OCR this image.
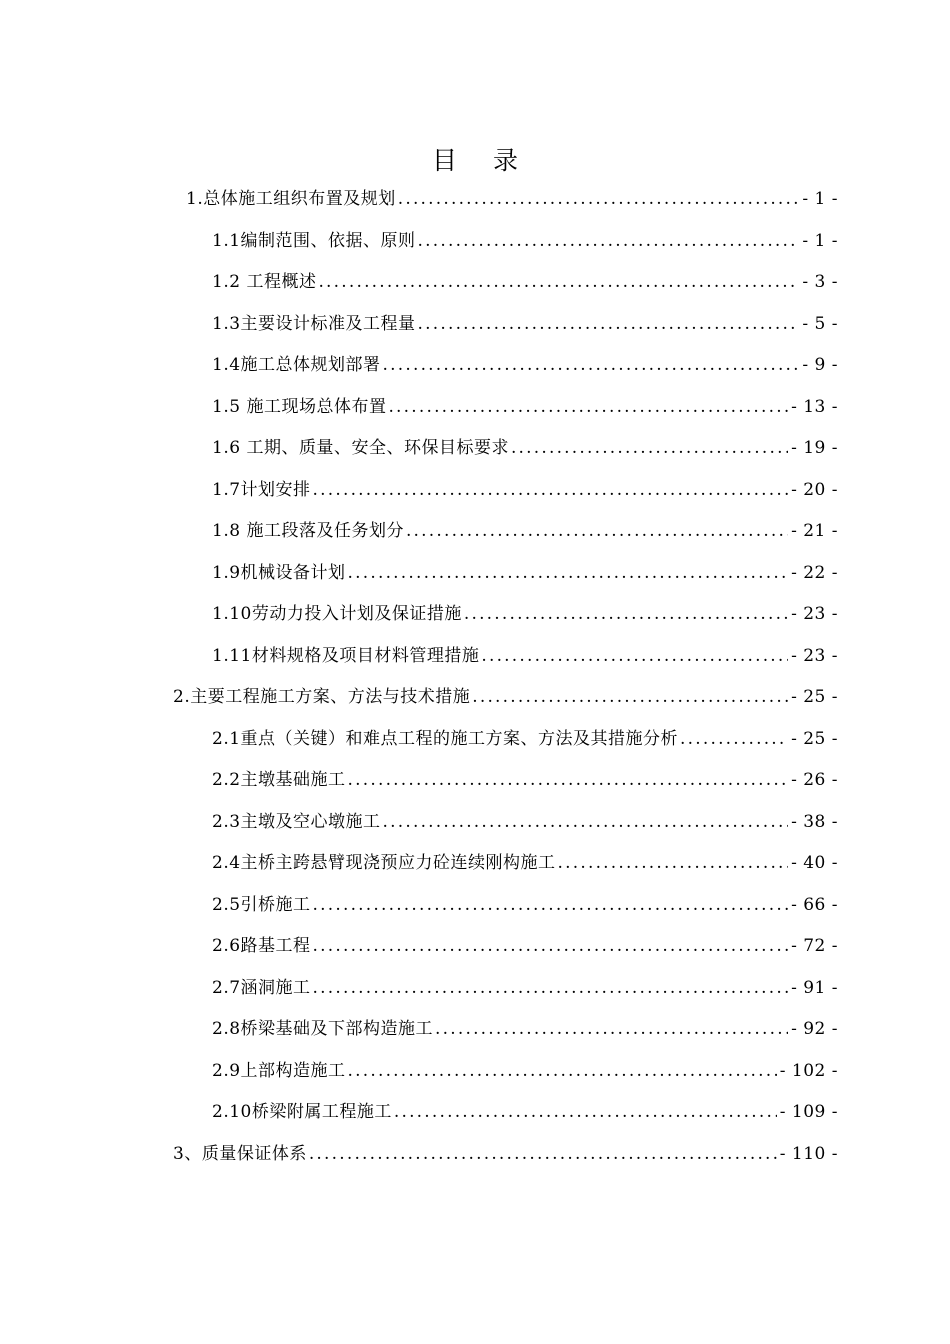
目 录
1.总体施工组织布置及规划 .....	- 1 -
1.1编制范围、依据、原则 .....	- 1 -
1.2 工程概述 .....	- 3 -
1.3主要设计标准及工程量 .....	- 5 -
1.4施工总体规划部署 .....	- 9 -
1.5 施工现场总体布置 .....	- 13 -
1.6 工期、质量、安全、环保目标要求 .....	- 19 -
1.7计划安排 .....	- 20 -
1.8 施工段落及任务划分 .....	- 21 -
1.9机械设备计划 .....	- 22 -
1.10劳动力投入计划及保证措施 .....	- 23 -
1.11材料规格及项目材料管理措施 .....	- 23 -
2.主要工程施工方案、方法与技术措施 .....	- 25 -
2.1重点（关键）和难点工程的施工方案、方法及其措施分析 .....	- 25 -
2.2主墩基础施工 .....	- 26 -
2.3主墩及空心墩施工 .....	- 38 -
2.4主桥主跨悬臂现浇预应力砼连续刚构施工 .....	- 40 -
2.5引桥施工 .....	- 66 -
2.6路基工程 .....	- 72 -
2.7涵洞施工 .....	- 91 -
2.8桥梁基础及下部构造施工 .....	- 92 -
2.9上部构造施工 .....	- 102 -
2.10桥梁附属工程施工 .....	- 109 -
3、质量保证体系 .....	- 110 -
